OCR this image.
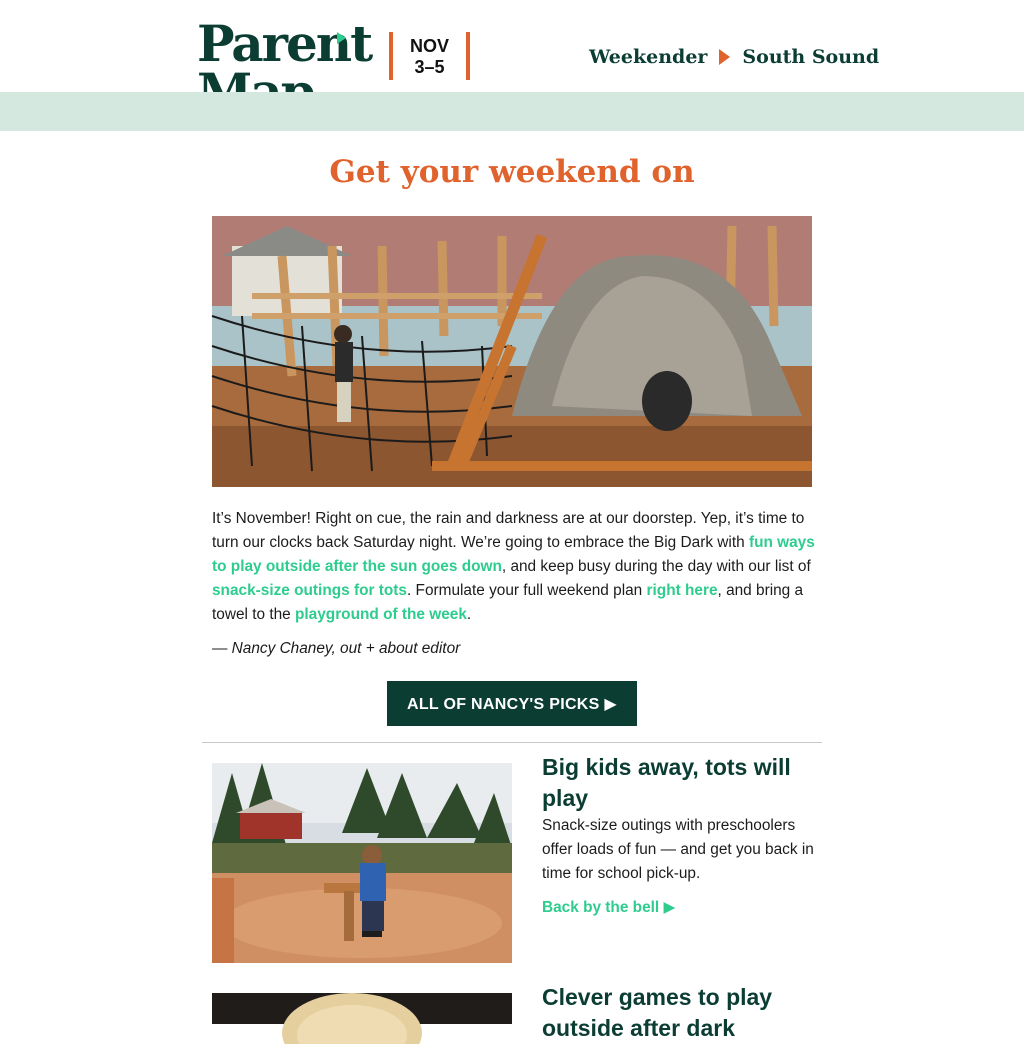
Parent	NOV
3–5	Weekender South Sound
Get your weekend on

It’s November! Right on cue, the rain and darkness are at our doorstep. Yep, it’s time to turn our clocks back Saturday night. We’re going to embrace the Big Dark with fun ways to play outside after the sun goes down, and keep busy during the day with our list of snack-size outings for tots. Formulate your full weekend plan right here, and bring a towel to the playground of the week.

— Nancy Chaney, out + about editor

ALL OF NANCY'S PICKS ▶
Big kids away, tots will play

Snack-size outings with preschoolers offer loads of fun — and get you back in time for school pick-up.

Back by the bell ▶
Clever games to play outside after dark
